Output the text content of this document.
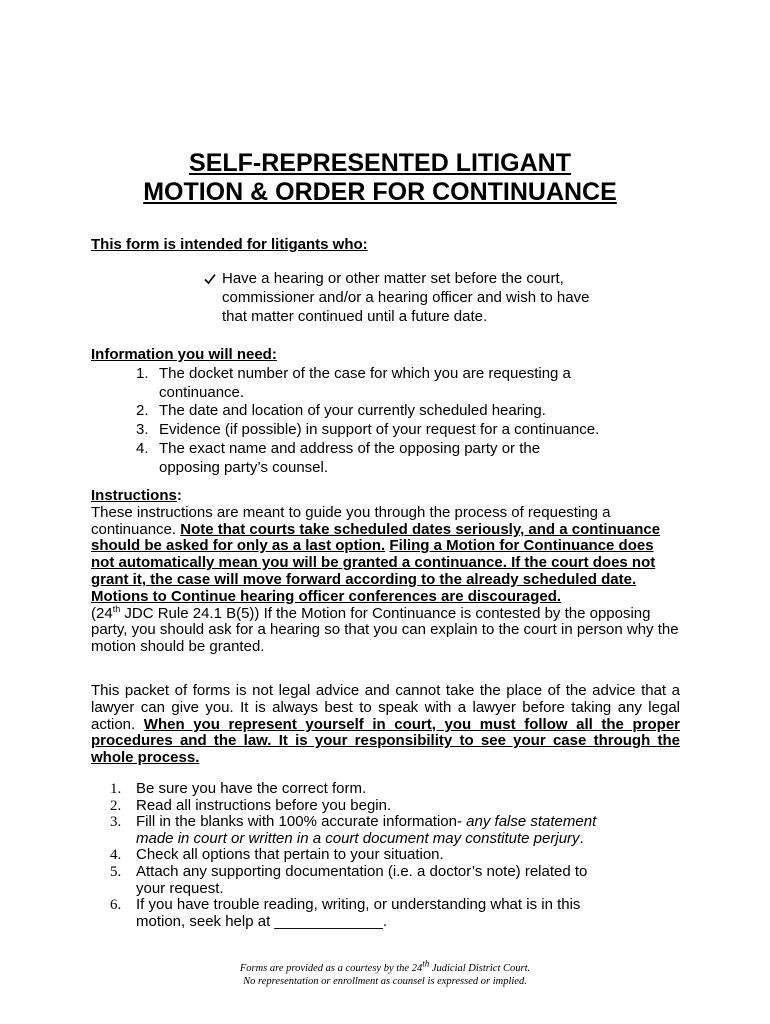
SELF-REPRESENTED LITIGANT
MOTION & ORDER FOR CONTINUANCE
This form is intended for litigants who:
Have a hearing or other matter set before the court,
commissioner and/or a hearing officer and wish to have
that matter continued until a future date.
Information you will need:
1. The docket number of the case for which you are requesting a
continuance.
2. The date and location of your currently scheduled hearing.
3. Evidence (if possible) in support of your request for a continuance.
4. The exact name and address of the opposing party or the
opposing party’s counsel.
Instructions:
These instructions are meant to guide you through the process of requesting a continuance. Note that courts take scheduled dates seriously, and a continuance should be asked for only as a last option. Filing a Motion for Continuance does not automatically mean you will be granted a continuance. If the court does not grant it, the case will move forward according to the already scheduled date. Motions to Continue hearing officer conferences are discouraged.
(24th JDC Rule 24.1 B(5)) If the Motion for Continuance is contested by the opposing party, you should ask for a hearing so that you can explain to the court in person why the motion should be granted.
This packet of forms is not legal advice and cannot take the place of the advice that a lawyer can give you. It is always best to speak with a lawyer before taking any legal action. When you represent yourself in court, you must follow all the proper procedures and the law. It is your responsibility to see your case through the whole process.
1. Be sure you have the correct form.
2. Read all instructions before you begin.
3. Fill in the blanks with 100% accurate information- any false statement
made in court or written in a court document may constitute perjury.
4. Check all options that pertain to your situation.
5. Attach any supporting documentation (i.e. a doctor’s note) related to
your request.
6. If you have trouble reading, writing, or understanding what is in this
motion, seek help at _____________.
Forms are provided as a courtesy by the 24th Judicial District Court.
No representation or enrollment as counsel is expressed or implied.
